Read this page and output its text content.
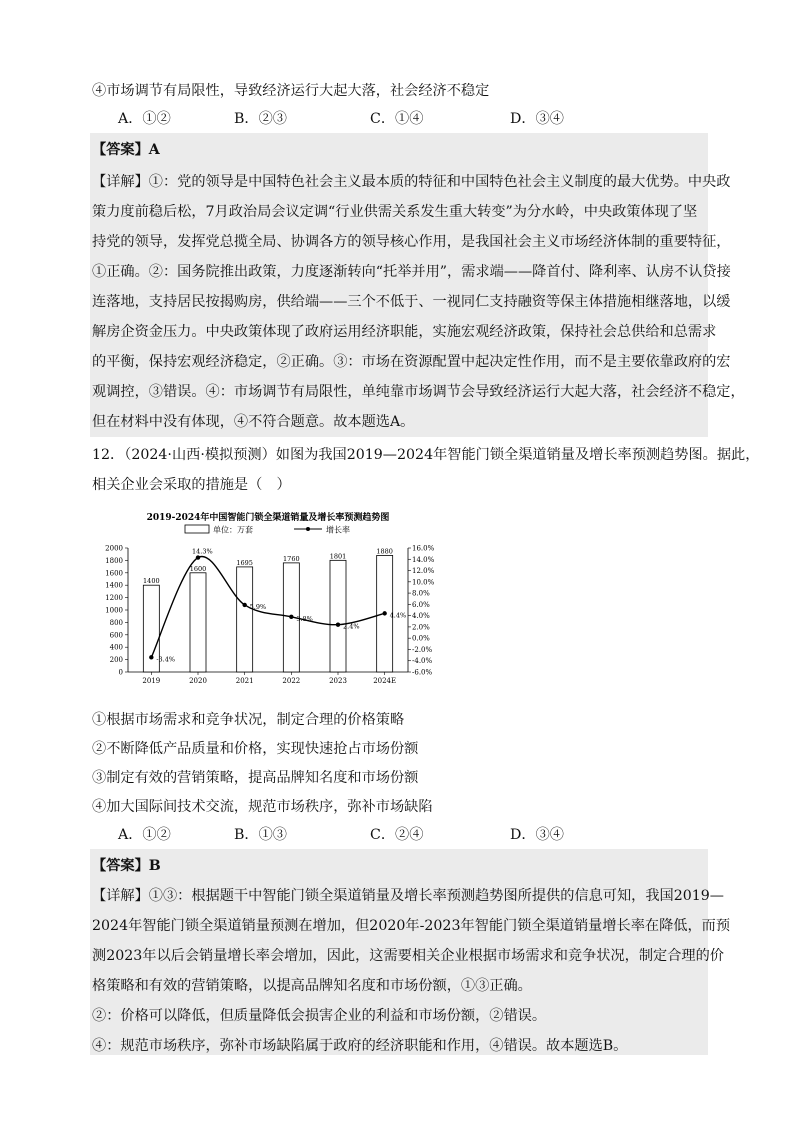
④市场调节有局限性，导致经济运行大起大落，社会经济不稳定
A．①②	B．②③	C．①④	D．③④
【答案】A
【详解】①：党的领导是中国特色社会主义最本质的特征和中国特色社会主义制度的最大优势。中央政
策力度前稳后松，7月政治局会议定调“行业供需关系发生重大转变”为分水岭，中央政策体现了坚
持党的领导，发挥党总揽全局、协调各方的领导核心作用，是我国社会主义市场经济体制的重要特征，
①正确。②：国务院推出政策，力度逐渐转向“托举并用”，需求端——降首付、降利率、认房不认贷接
连落地，支持居民按揭购房，供给端——三个不低于、一视同仁支持融资等保主体措施相继落地，以缓
解房企资金压力。中央政策体现了政府运用经济职能，实施宏观经济政策，保持社会总供给和总需求
的平衡，保持宏观经济稳定，②正确。③：市场在资源配置中起决定性作用，而不是主要依靠政府的宏
观调控，③错误。④：市场调节有局限性，单纯靠市场调节会导致经济运行大起大落，社会经济不稳定，
但在材料中没有体现，④不符合题意。故本题选A。
12．（2024·山西·模拟预测）如图为我国2019—2024年智能门锁全渠道销量及增长率预测趋势图。据此，
相关企业会采取的措施是（　）
2019-2024年中国智能门锁全渠道销量及增长率预测趋势图
单位：万套	增长率
0
200
400
600
800
1000
1200
1400
1600
1800
2000
-6.0%
-4.0%
-2.0%
0.0%
2.0%
4.0%
6.0%
8.0%
10.0%
12.0%
14.0%
16.0%
2019	2020	2021	2022	2023	2024E
1400
1600
1695
1760	1801
1880
-3.4%
14.3%
5.9%
3.8%
2.4%
4.4%
①根据市场需求和竞争状况，制定合理的价格策略
②不断降低产品质量和价格，实现快速抢占市场份额
③制定有效的营销策略，提高品牌知名度和市场份额
④加大国际间技术交流，规范市场秩序，弥补市场缺陷
A．①②	B．①③	C．②④	D．③④
【答案】B
【详解】①③：根据题干中智能门锁全渠道销量及增长率预测趋势图所提供的信息可知，我国2019—
2024年智能门锁全渠道销量预测在增加，但2020年-2023年智能门锁全渠道销量增长率在降低，而预
测2023年以后会销量增长率会增加，因此，这需要相关企业根据市场需求和竞争状况，制定合理的价
格策略和有效的营销策略，以提高品牌知名度和市场份额，①③正确。
②：价格可以降低，但质量降低会损害企业的利益和市场份额，②错误。
④：规范市场秩序，弥补市场缺陷属于政府的经济职能和作用，④错误。故本题选B。
